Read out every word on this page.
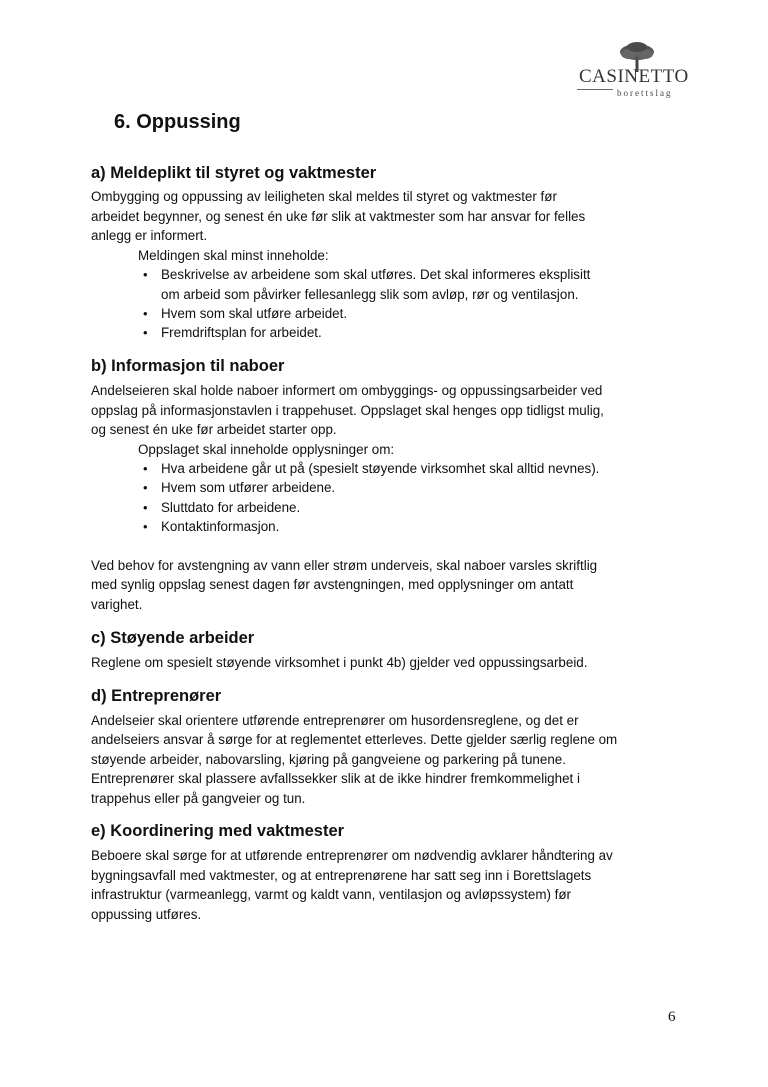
CASINETTO
borettslag
6. Oppussing
a) Meldeplikt til styret og vaktmester

Ombygging og oppussing av leiligheten skal meldes til styret og vaktmester før

arbeidet begynner, og senest én uke før slik at vaktmester som har ansvar for felles

anlegg er informert.

Meldingen skal minst inneholde:

• Beskrivelse av arbeidene som skal utføres. Det skal informeres eksplisitt

om arbeid som påvirker fellesanlegg slik som avløp, rør og ventilasjon.

• Hvem som skal utføre arbeidet.

• Fremdriftsplan for arbeidet.

b) Informasjon til naboer

Andelseieren skal holde naboer informert om ombyggings- og oppussingsarbeider ved

oppslag på informasjonstavlen i trappehuset. Oppslaget skal henges opp tidligst mulig,

og senest én uke før arbeidet starter opp.

Oppslaget skal inneholde opplysninger om:

• Hva arbeidene går ut på (spesielt støyende virksomhet skal alltid nevnes).

• Hvem som utfører arbeidene.

• Sluttdato for arbeidene.

• Kontaktinformasjon.

Ved behov for avstengning av vann eller strøm underveis, skal naboer varsles skriftlig

med synlig oppslag senest dagen før avstengningen, med opplysninger om antatt

varighet.

c) Støyende arbeider

Reglene om spesielt støyende virksomhet i punkt 4b) gjelder ved oppussingsarbeid.

d) Entreprenører

Andelseier skal orientere utførende entreprenører om husordensreglene, og det er

andelseiers ansvar å sørge for at reglementet etterleves. Dette gjelder særlig reglene om

støyende arbeider, nabovarsling, kjøring på gangveiene og parkering på tunene.

Entreprenører skal plassere avfallssekker slik at de ikke hindrer fremkommelighet i

trappehus eller på gangveier og tun.

e) Koordinering med vaktmester

Beboere skal sørge for at utførende entreprenører om nødvendig avklarer håndtering av

bygningsavfall med vaktmester, og at entreprenørene har satt seg inn i Borettslagets

infrastruktur (varmeanlegg, varmt og kaldt vann, ventilasjon og avløpssystem) før

oppussing utføres.

6
